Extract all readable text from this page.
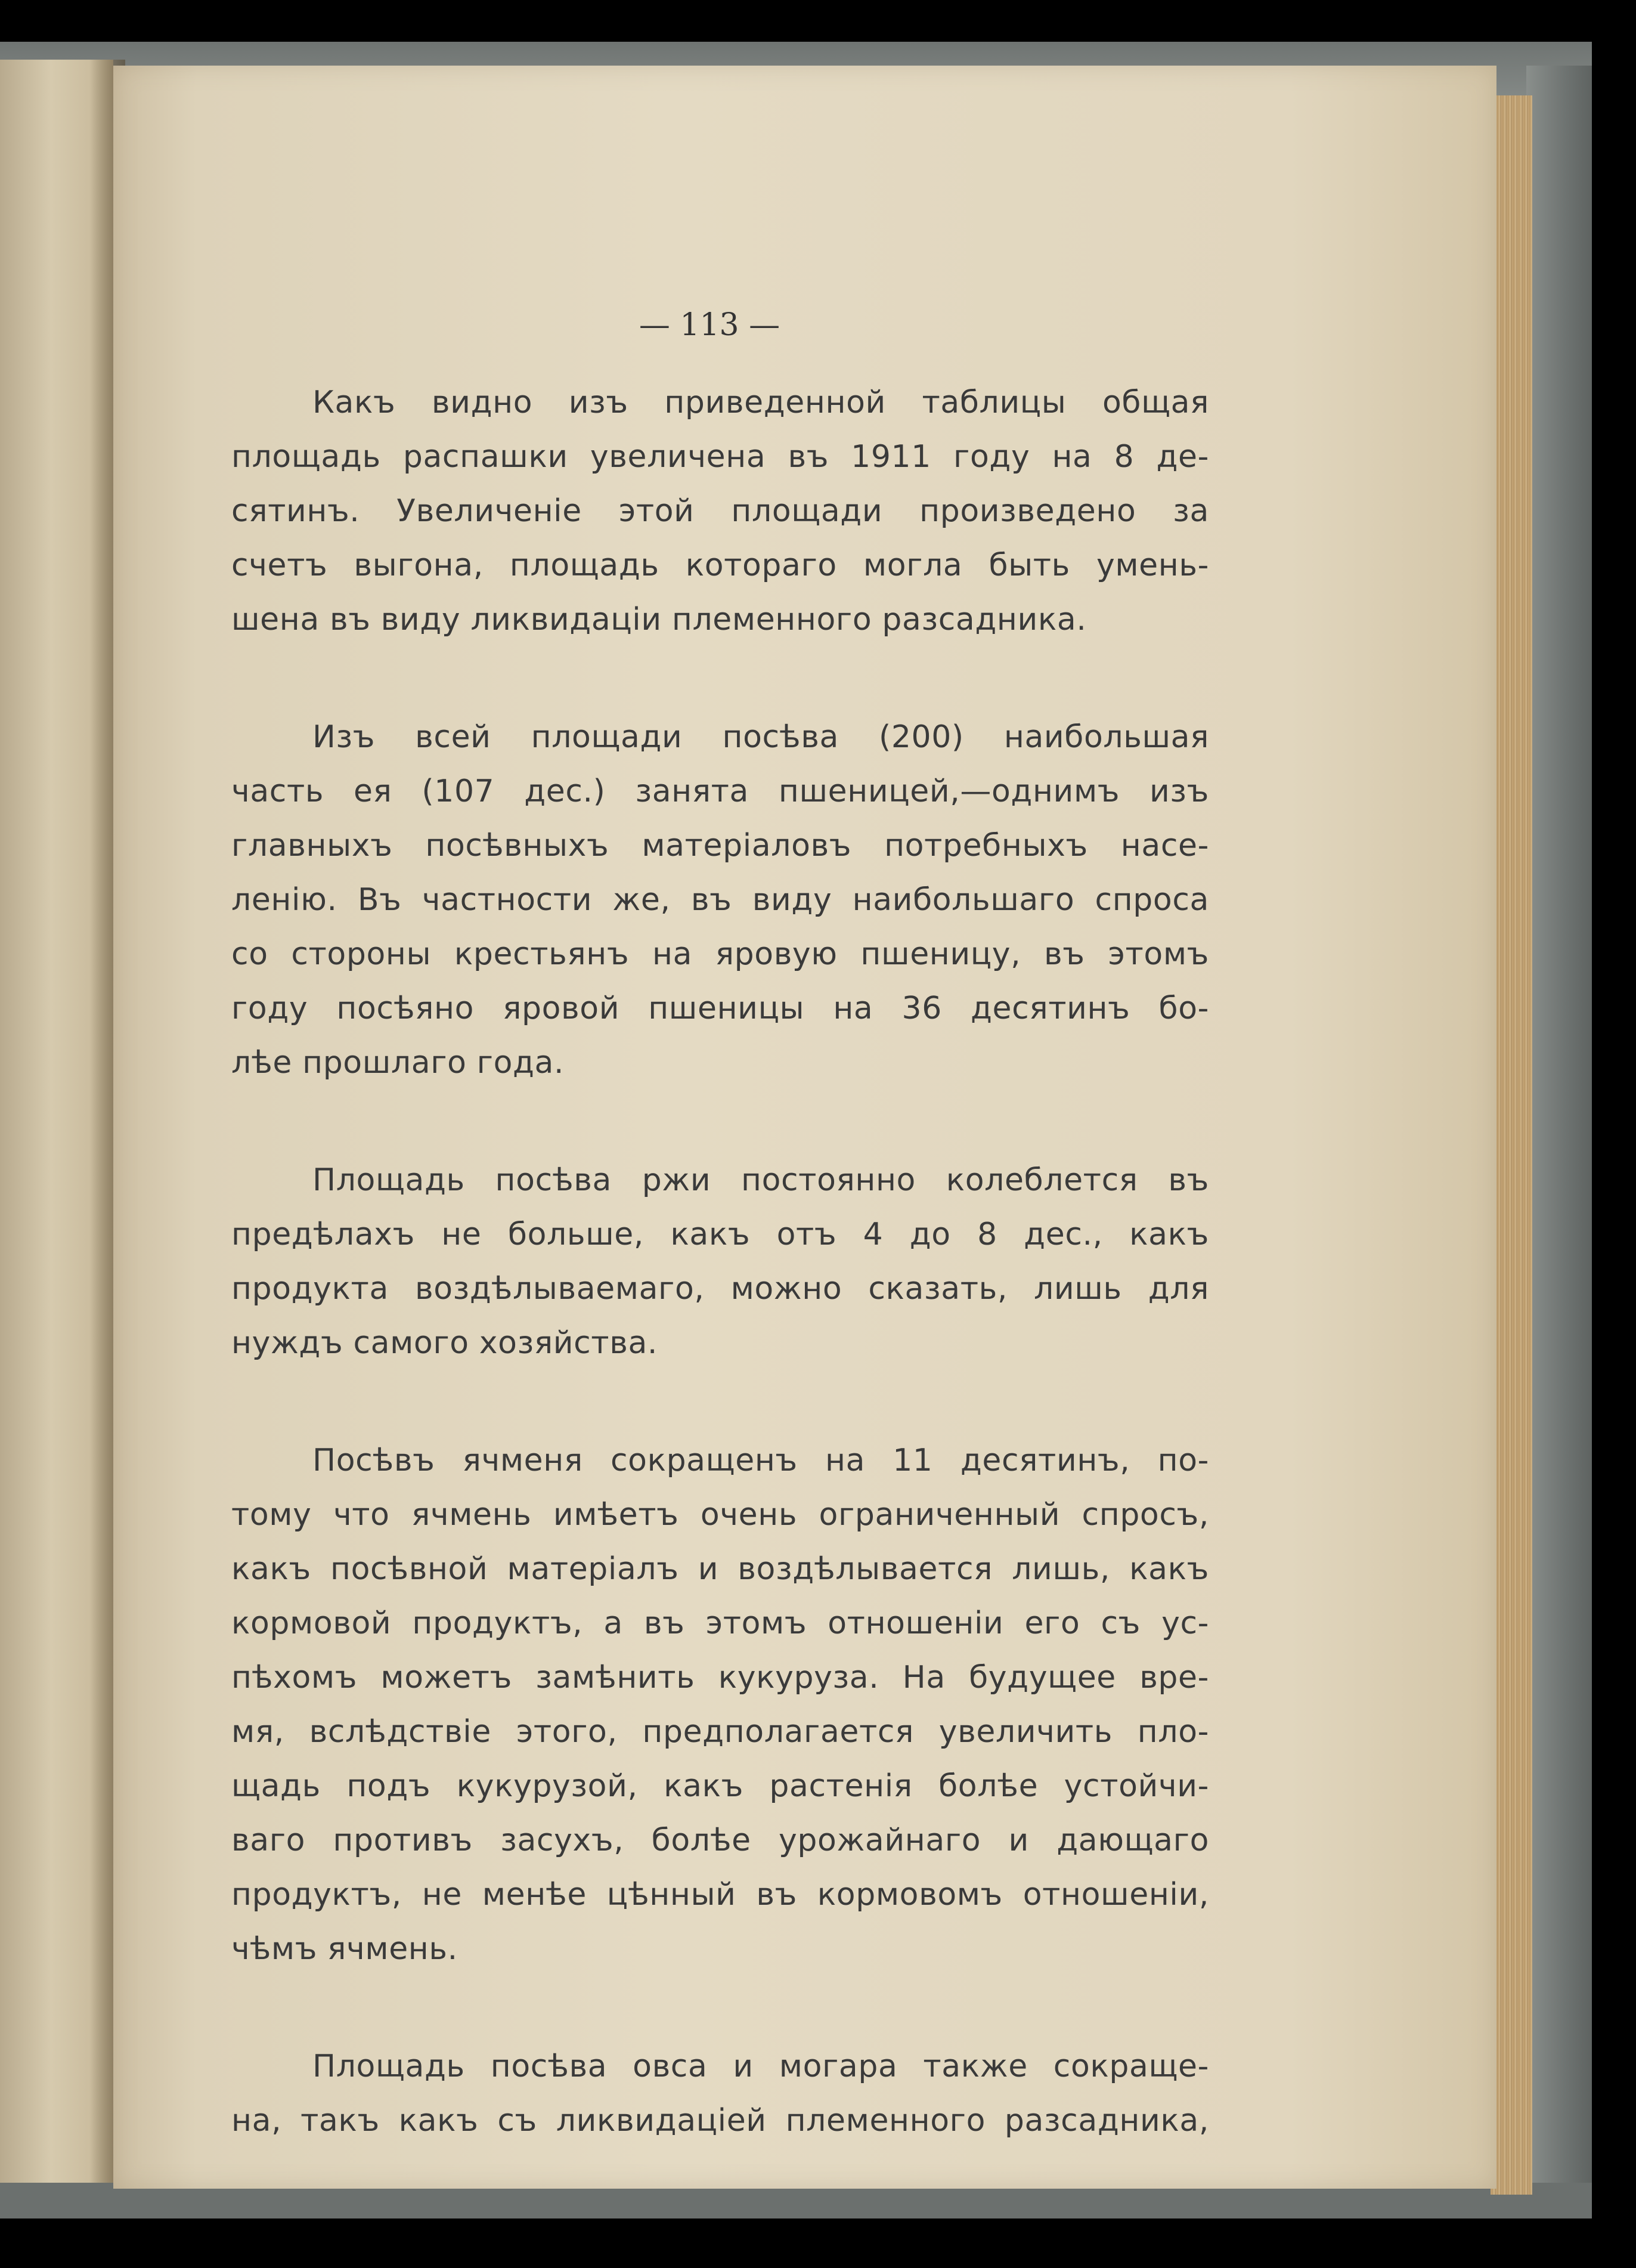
— 113 —
Какъ видно изъ приведенной таблицы общая
площадь распашки увеличена въ 1911 году на 8 де-
сятинъ. Увеличенiе этой площади произведено за
счетъ выгона, площадь котораго могла быть умень-
шена въ виду ликвидацiи племенного разсадника.
Изъ всей площади посѣва (200) наибольшая
часть ея (107 дес.) занята пшеницей,—однимъ изъ
главныхъ посѣвныхъ матерiаловъ потребныхъ насе-
ленiю. Въ частности же, въ виду наибольшаго спроса
со стороны крестьянъ на яровую пшеницу, въ этомъ
году посѣяно яровой пшеницы на 36 десятинъ бо-
лѣе прошлаго года.
Площадь посѣва ржи постоянно колеблется въ
предѣлахъ не больше, какъ отъ 4 до 8 дес., какъ
продукта воздѣлываемаго, можно сказать, лишь для
нуждъ самого хозяйства.
Посѣвъ ячменя сокращенъ на 11 десятинъ, по-
тому что ячмень имѣетъ очень ограниченный спросъ,
какъ посѣвной матерiалъ и воздѣлывается лишь, какъ
кормовой продуктъ, а въ этомъ отношенiи его съ ус-
пѣхомъ можетъ замѣнить кукуруза. На будущее вре-
мя, вслѣдствiе этого, предполагается увеличить пло-
щадь подъ кукурузой, какъ растенiя болѣе устойчи-
ваго противъ засухъ, болѣе урожайнаго и дающаго
продуктъ, не менѣе цѣнный въ кормовомъ отношенiи,
чѣмъ ячмень.
Площадь посѣва овса и могара также сокраще-
на, такъ какъ съ ликвидацiей племенного разсадника,
